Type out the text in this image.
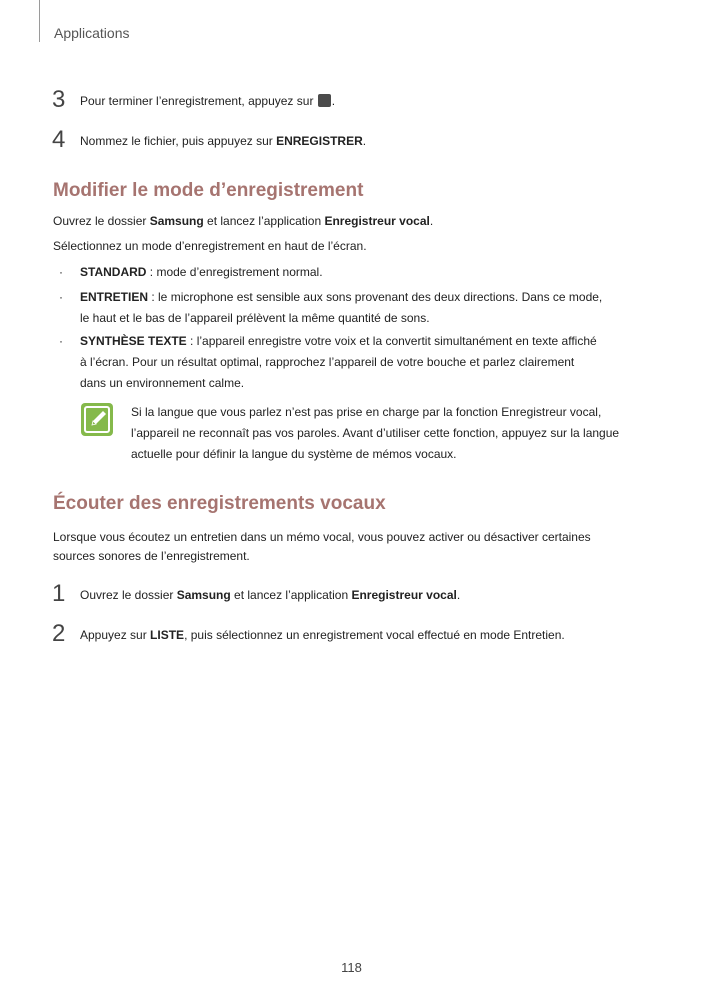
Applications
3 Pour terminer l’enregistrement, appuyez sur .
4 Nommez le fichier, puis appuyez sur ENREGISTRER.
Modifier le mode d’enregistrement
Ouvrez le dossier Samsung et lancez l’application Enregistreur vocal.
Sélectionnez un mode d’enregistrement en haut de l’écran.
· STANDARD : mode d’enregistrement normal.
· ENTRETIEN : le microphone est sensible aux sons provenant des deux directions. Dans ce mode,
le haut et le bas de l’appareil prélèvent la même quantité de sons.
· SYNTHÈSE TEXTE : l’appareil enregistre votre voix et la convertit simultanément en texte affiché
à l’écran. Pour un résultat optimal, rapprochez l’appareil de votre bouche et parlez clairement
dans un environnement calme.
Si la langue que vous parlez n’est pas prise en charge par la fonction Enregistreur vocal,
l’appareil ne reconnaît pas vos paroles. Avant d’utiliser cette fonction, appuyez sur la langue
actuelle pour définir la langue du système de mémos vocaux.
Écouter des enregistrements vocaux
Lorsque vous écoutez un entretien dans un mémo vocal, vous pouvez activer ou désactiver certaines
sources sonores de l’enregistrement.
1 Ouvrez le dossier Samsung et lancez l’application Enregistreur vocal.
2 Appuyez sur LISTE, puis sélectionnez un enregistrement vocal effectué en mode Entretien.
118
